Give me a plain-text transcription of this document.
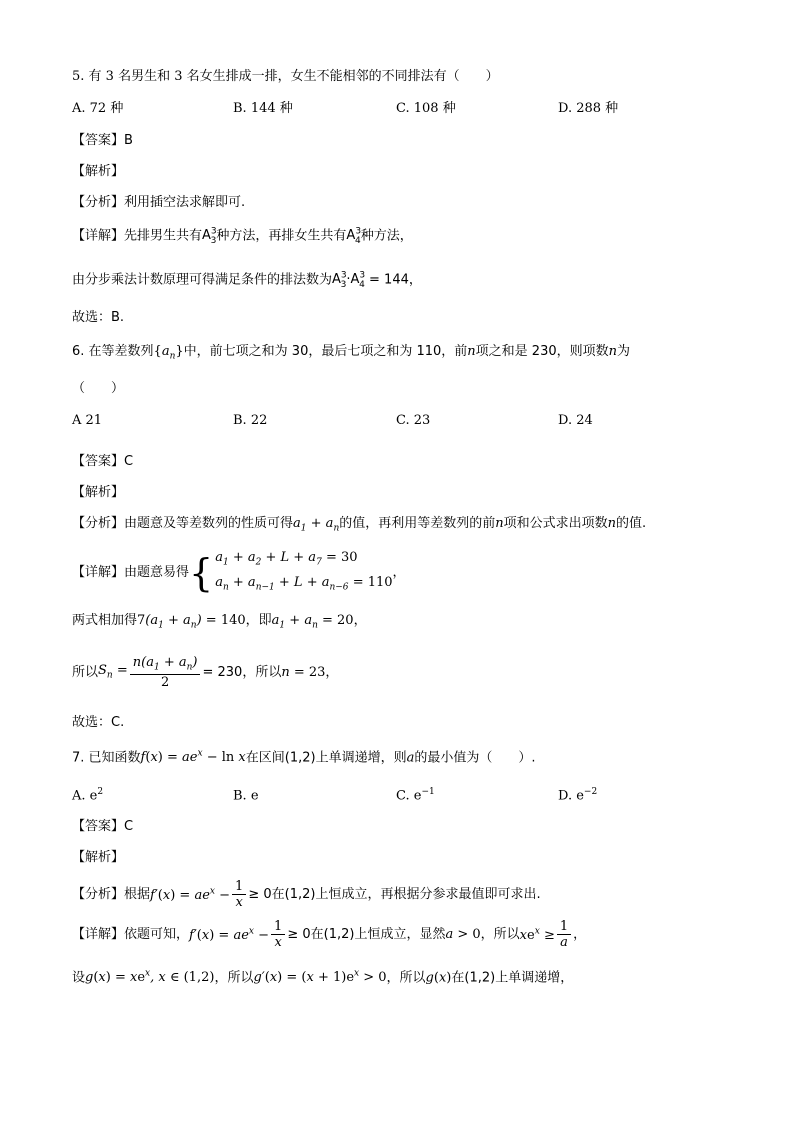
5. 有 3 名男生和 3 名女生排成一排，女生不能相邻的不同排法有（　　）
A. 72 种	B. 144 种	C. 108 种	D. 288 种
【答案】B
【解析】
【分析】利用插空法求解即可.
【详解】先排男生共有$A^3_3$种方法，再排女生共有$A^3_4$种方法，
由分步乘法计数原理可得满足条件的排法数为$A^3_3\cdot A^3_4 = 144$，
故选：B.
6. 在等差数列$\{a_n\}$中，前七项之和为 30，最后七项之和为 110，前n项之和是 230，则项数n为
（　　）
A 21	B. 22	C. 23	D. 24
【答案】C
【解析】
【分析】由题意及等差数列的性质可得$a_1 + a_n$的值，再利用等差数列的前n项和公式求出项数n的值.
【详解】由题意易得 { $a_1 + a_2 + L + a_7 = 30$
$a_n + a_{n-1} + L + a_{n-6} = 110$
，
两式相加得$7(a_1 + a_n) = 140$，即$a_1 + a_n = 20$，
所以$S_n = \frac{n(a_1 + a_n)}{2} = 230$，所以n = 23，
故选：C.
7. 已知函数$f(x) = ae^x - \ln x$在区间(1,2)上单调递增，则a的最小值为（　　）.
A. $e^2$	B. e	C. $e^{-1}$	D. $e^{-2}$
【答案】C
【解析】
【分析】根据$f'(x) = ae^x - \frac{1}{x} \ge 0$在(1,2)上恒成立，再根据分参求最值即可求出.
【详解】依题可知，$f'(x) = ae^x - \frac{1}{x} \ge 0$在(1,2)上恒成立，显然a > 0，所以$xe^x \ge \frac{1}{a}$ ，
设$g(x) = xe^x$, x ∈ (1,2)，所以$g'(x) = (x + 1)e^x > 0$，所以g(x)在(1,2)上单调递增，
